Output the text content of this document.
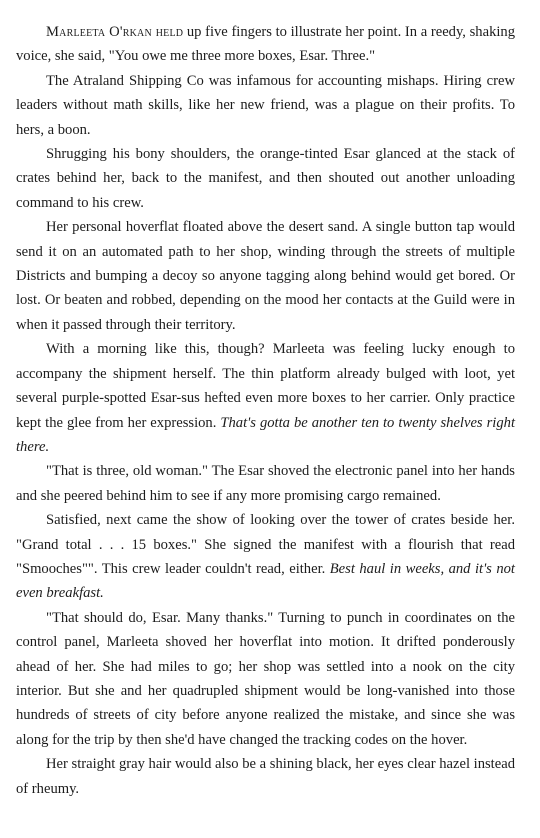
Marleeta O'rkan held up five fingers to illustrate her point. In a reedy, shaking voice, she said, "You owe me three more boxes, Esar. Three."

The Atraland Shipping Co was infamous for accounting mishaps. Hiring crew leaders without math skills, like her new friend, was a plague on their profits. To hers, a boon.

Shrugging his bony shoulders, the orange-tinted Esar glanced at the stack of crates behind her, back to the manifest, and then shouted out another unloading command to his crew.

Her personal hoverflat floated above the desert sand. A single button tap would send it on an automated path to her shop, winding through the streets of multiple Districts and bumping a decoy so anyone tagging along behind would get bored. Or lost. Or beaten and robbed, depending on the mood her contacts at the Guild were in when it passed through their territory.

With a morning like this, though? Marleeta was feeling lucky enough to accompany the shipment herself. The thin platform already bulged with loot, yet several purple-spotted Esar-sus hefted even more boxes to her carrier. Only practice kept the glee from her expression. That's gotta be another ten to twenty shelves right there.

"That is three, old woman." The Esar shoved the electronic panel into her hands and she peered behind him to see if any more promising cargo remained.

Satisfied, next came the show of looking over the tower of crates beside her. "Grand total . . . 15 boxes." She signed the manifest with a flourish that read "Smooches"". This crew leader couldn't read, either. Best haul in weeks, and it's not even breakfast.

"That should do, Esar. Many thanks." Turning to punch in coordinates on the control panel, Marleeta shoved her hoverflat into motion. It drifted ponderously ahead of her. She had miles to go; her shop was settled into a nook on the city interior. But she and her quadrupled shipment would be long-vanished into those hundreds of streets of city before anyone realized the mistake, and since she was along for the trip by then she'd have changed the tracking codes on the hover.

Her straight gray hair would also be a shining black, her eyes clear hazel instead of rheumy.
